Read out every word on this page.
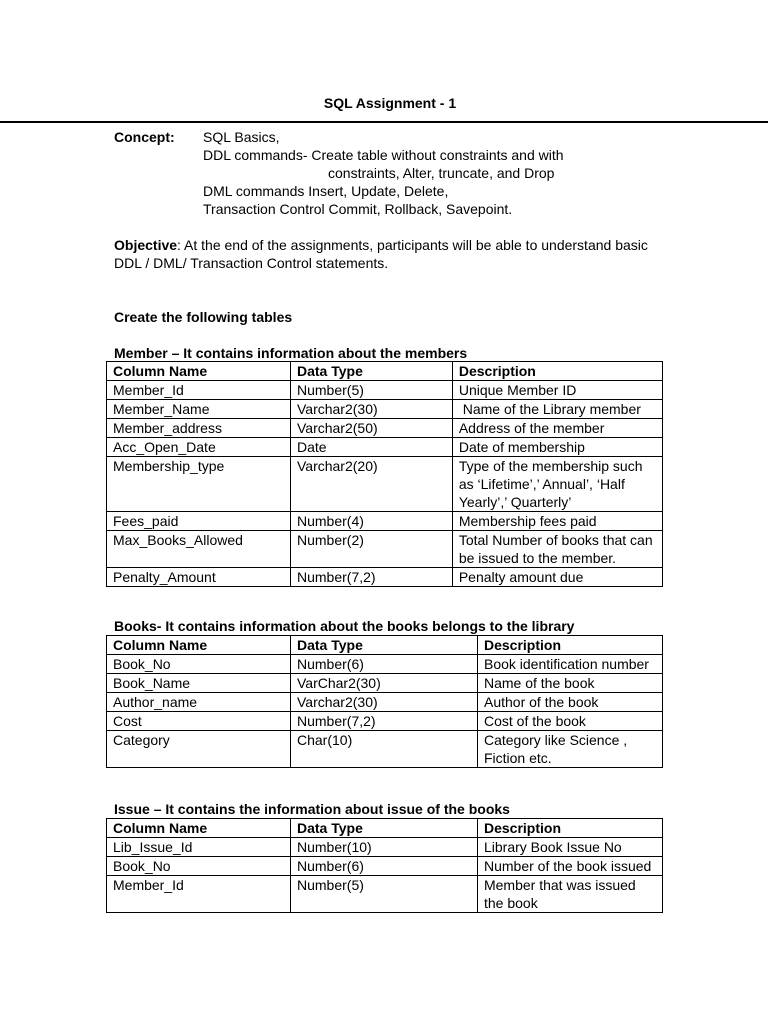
SQL Assignment - 1
Concept: SQL Basics,
DDL commands- Create table without constraints and with
constraints, Alter, truncate, and Drop
DML commands Insert, Update, Delete,
Transaction Control Commit, Rollback, Savepoint.
Objective: At the end of the assignments, participants will be able to understand basic DDL / DML/ Transaction Control statements.
Create the following tables
Member – It contains information about the members
Column Name	Data Type	Description
Member_Id	Number(5)	Unique Member ID
Member_Name	Varchar2(30)	Name of the Library member
Member_address	Varchar2(50)	Address of the member
Acc_Open_Date	Date	Date of membership
Membership_type	Varchar2(20)	Type of the membership such as ‘Lifetime’,’ Annual’, ‘Half Yearly’,’ Quarterly’
Fees_paid	Number(4)	Membership fees paid
Max_Books_Allowed	Number(2)	Total Number of books that can be issued to the member.
Penalty_Amount	Number(7,2)	Penalty amount due
Books- It contains information about the books belongs to the library
Column Name	Data Type	Description
Book_No	Number(6)	Book identification number
Book_Name	VarChar2(30)	Name of the book
Author_name	Varchar2(30)	Author of the book
Cost	Number(7,2)	Cost of the book
Category	Char(10)	Category like Science , Fiction etc.
Issue – It contains the information about issue of the books
Column Name	Data Type	Description
Lib_Issue_Id	Number(10)	Library Book Issue No
Book_No	Number(6)	Number of the book issued
Member_Id	Number(5)	Member that was issued the book
